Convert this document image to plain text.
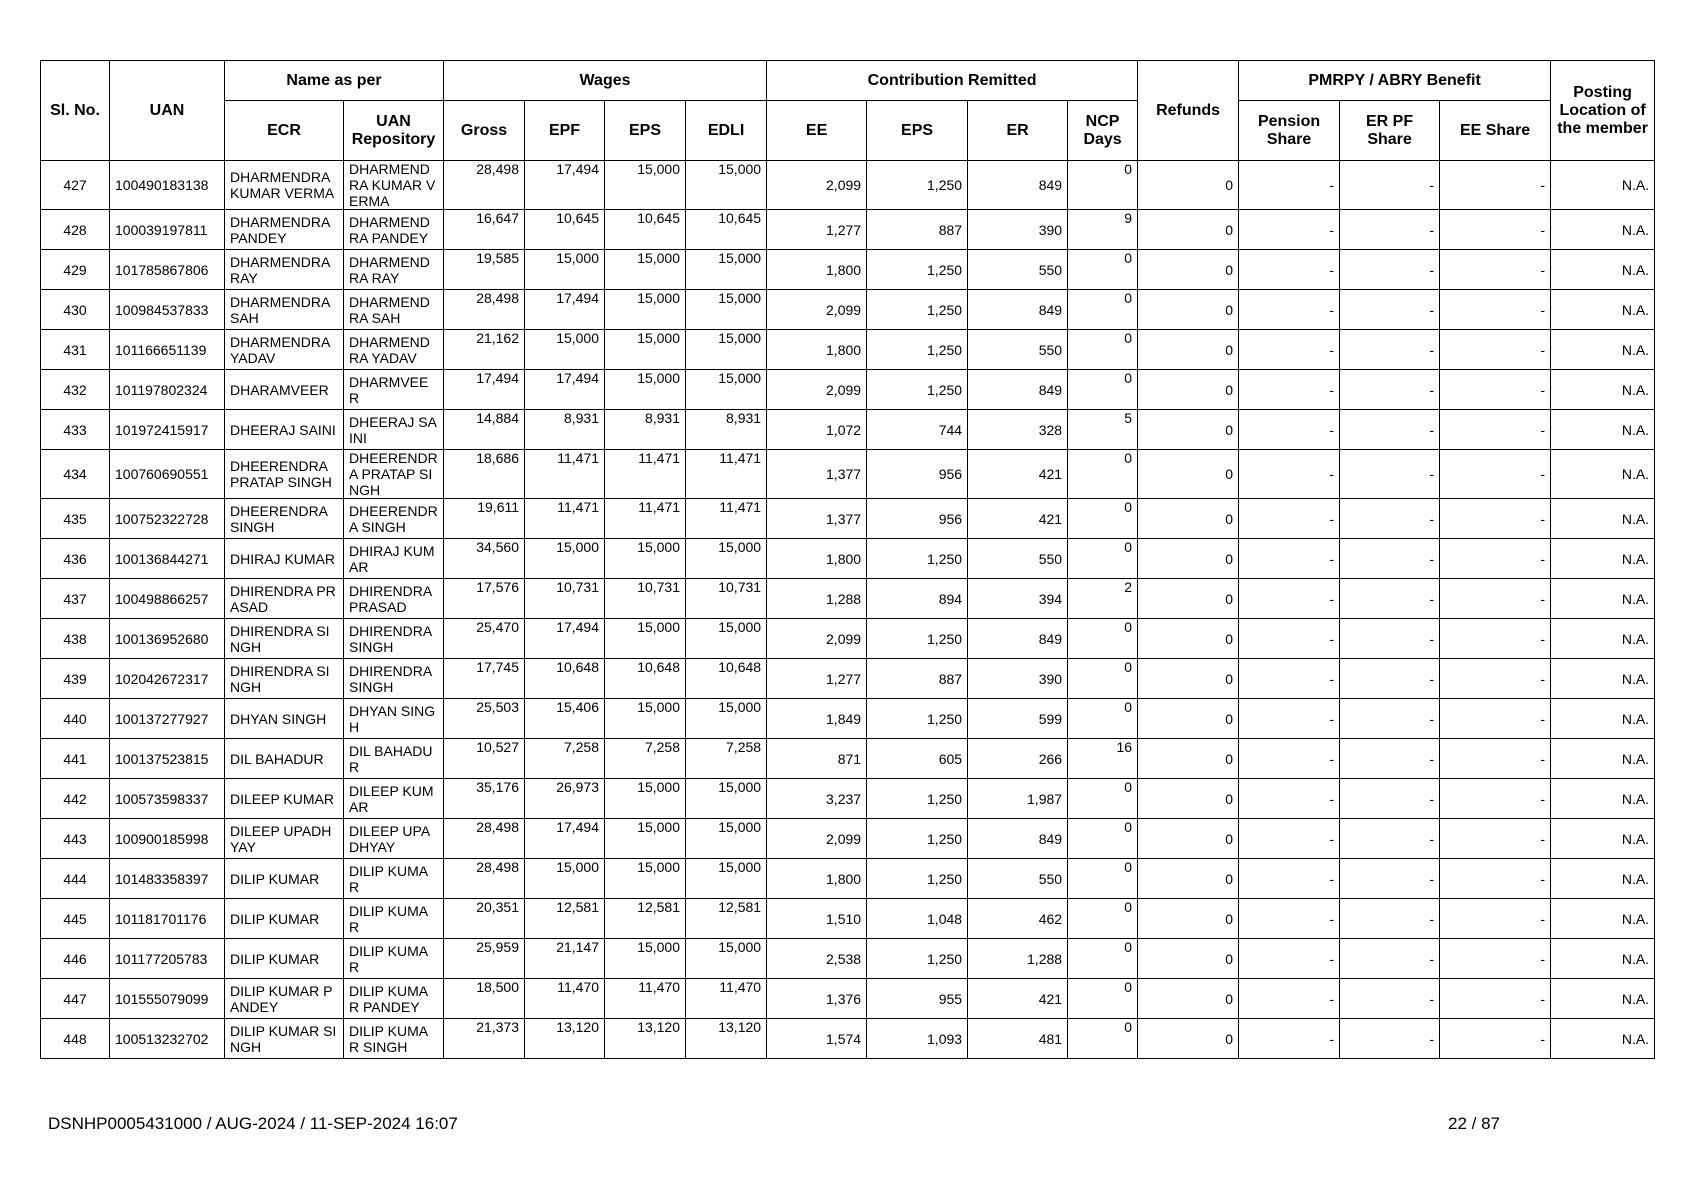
Sl. No.	UAN	Name as per		Wages				Contribution Remitted				Refunds	PMRPY / ABRY Benefit			Posting Location of the member
		ECR	UAN Repository	Gross	EPF	EPS	EDLI	EE	EPS	ER	NCP Days		Pension Share	ER PF Share	EE Share	
427	100490183138	DHARMENDRA KUMAR VERMA	DHARMENDRA KUMAR VERMA	28,498	17,494	15,000	15,000	2,099	1,250	849	0	0	-	-	-	N.A.
428	100039197811	DHARMENDRA PANDEY	DHARMENDRA PANDEY	16,647	10,645	10,645	10,645	1,277	887	390	9	0	-	-	-	N.A.
429	101785867806	DHARMENDRA RAY	DHARMENDRA RAY	19,585	15,000	15,000	15,000	1,800	1,250	550	0	0	-	-	-	N.A.
430	100984537833	DHARMENDRA SAH	DHARMENDRA SAH	28,498	17,494	15,000	15,000	2,099	1,250	849	0	0	-	-	-	N.A.
431	101166651139	DHARMENDRA YADAV	DHARMENDRA YADAV	21,162	15,000	15,000	15,000	1,800	1,250	550	0	0	-	-	-	N.A.
432	101197802324	DHARAMVEER	DHARMVEER	17,494	17,494	15,000	15,000	2,099	1,250	849	0	0	-	-	-	N.A.
433	101972415917	DHEERAJ SAINI	DHEERAJ SAINI	14,884	8,931	8,931	8,931	1,072	744	328	5	0	-	-	-	N.A.
434	100760690551	DHEERENDRA PRATAP SINGH	DHEERENDRA PRATAP SINGH	18,686	11,471	11,471	11,471	1,377	956	421	0	0	-	-	-	N.A.
435	100752322728	DHEERENDRA SINGH	DHEERENDRA SINGH	19,611	11,471	11,471	11,471	1,377	956	421	0	0	-	-	-	N.A.
436	100136844271	DHIRAJ KUMAR	DHIRAJ KUMAR	34,560	15,000	15,000	15,000	1,800	1,250	550	0	0	-	-	-	N.A.
437	100498866257	DHIRENDRA PRASAD	DHIRENDRA PRASAD	17,576	10,731	10,731	10,731	1,288	894	394	2	0	-	-	-	N.A.
438	100136952680	DHIRENDRA SINGH	DHIRENDRA SINGH	25,470	17,494	15,000	15,000	2,099	1,250	849	0	0	-	-	-	N.A.
439	102042672317	DHIRENDRA SINGH	DHIRENDRA SINGH	17,745	10,648	10,648	10,648	1,277	887	390	0	0	-	-	-	N.A.
440	100137277927	DHYAN SINGH	DHYAN SINGH	25,503	15,406	15,000	15,000	1,849	1,250	599	0	0	-	-	-	N.A.
441	100137523815	DIL BAHADUR	DIL BAHADUR	10,527	7,258	7,258	7,258	871	605	266	16	0	-	-	-	N.A.
442	100573598337	DILEEP KUMAR	DILEEP KUMAR	35,176	26,973	15,000	15,000	3,237	1,250	1,987	0	0	-	-	-	N.A.
443	100900185998	DILEEP UPADHYAY	DILEEP UPADHYAY	28,498	17,494	15,000	15,000	2,099	1,250	849	0	0	-	-	-	N.A.
444	101483358397	DILIP KUMAR	DILIP KUMAR	28,498	15,000	15,000	15,000	1,800	1,250	550	0	0	-	-	-	N.A.
445	101181701176	DILIP KUMAR	DILIP KUMAR	20,351	12,581	12,581	12,581	1,510	1,048	462	0	0	-	-	-	N.A.
446	101177205783	DILIP KUMAR	DILIP KUMAR	25,959	21,147	15,000	15,000	2,538	1,250	1,288	0	0	-	-	-	N.A.
447	101555079099	DILIP KUMAR PANDEY	DILIP KUMAR PANDEY	18,500	11,470	11,470	11,470	1,376	955	421	0	0	-	-	-	N.A.
448	100513232702	DILIP KUMAR SINGH	DILIP KUMAR SINGH	21,373	13,120	13,120	13,120	1,574	1,093	481	0	0	-	-	-	N.A.
DSNHP0005431000 / AUG-2024 / 11-SEP-2024 16:07	22 / 87
